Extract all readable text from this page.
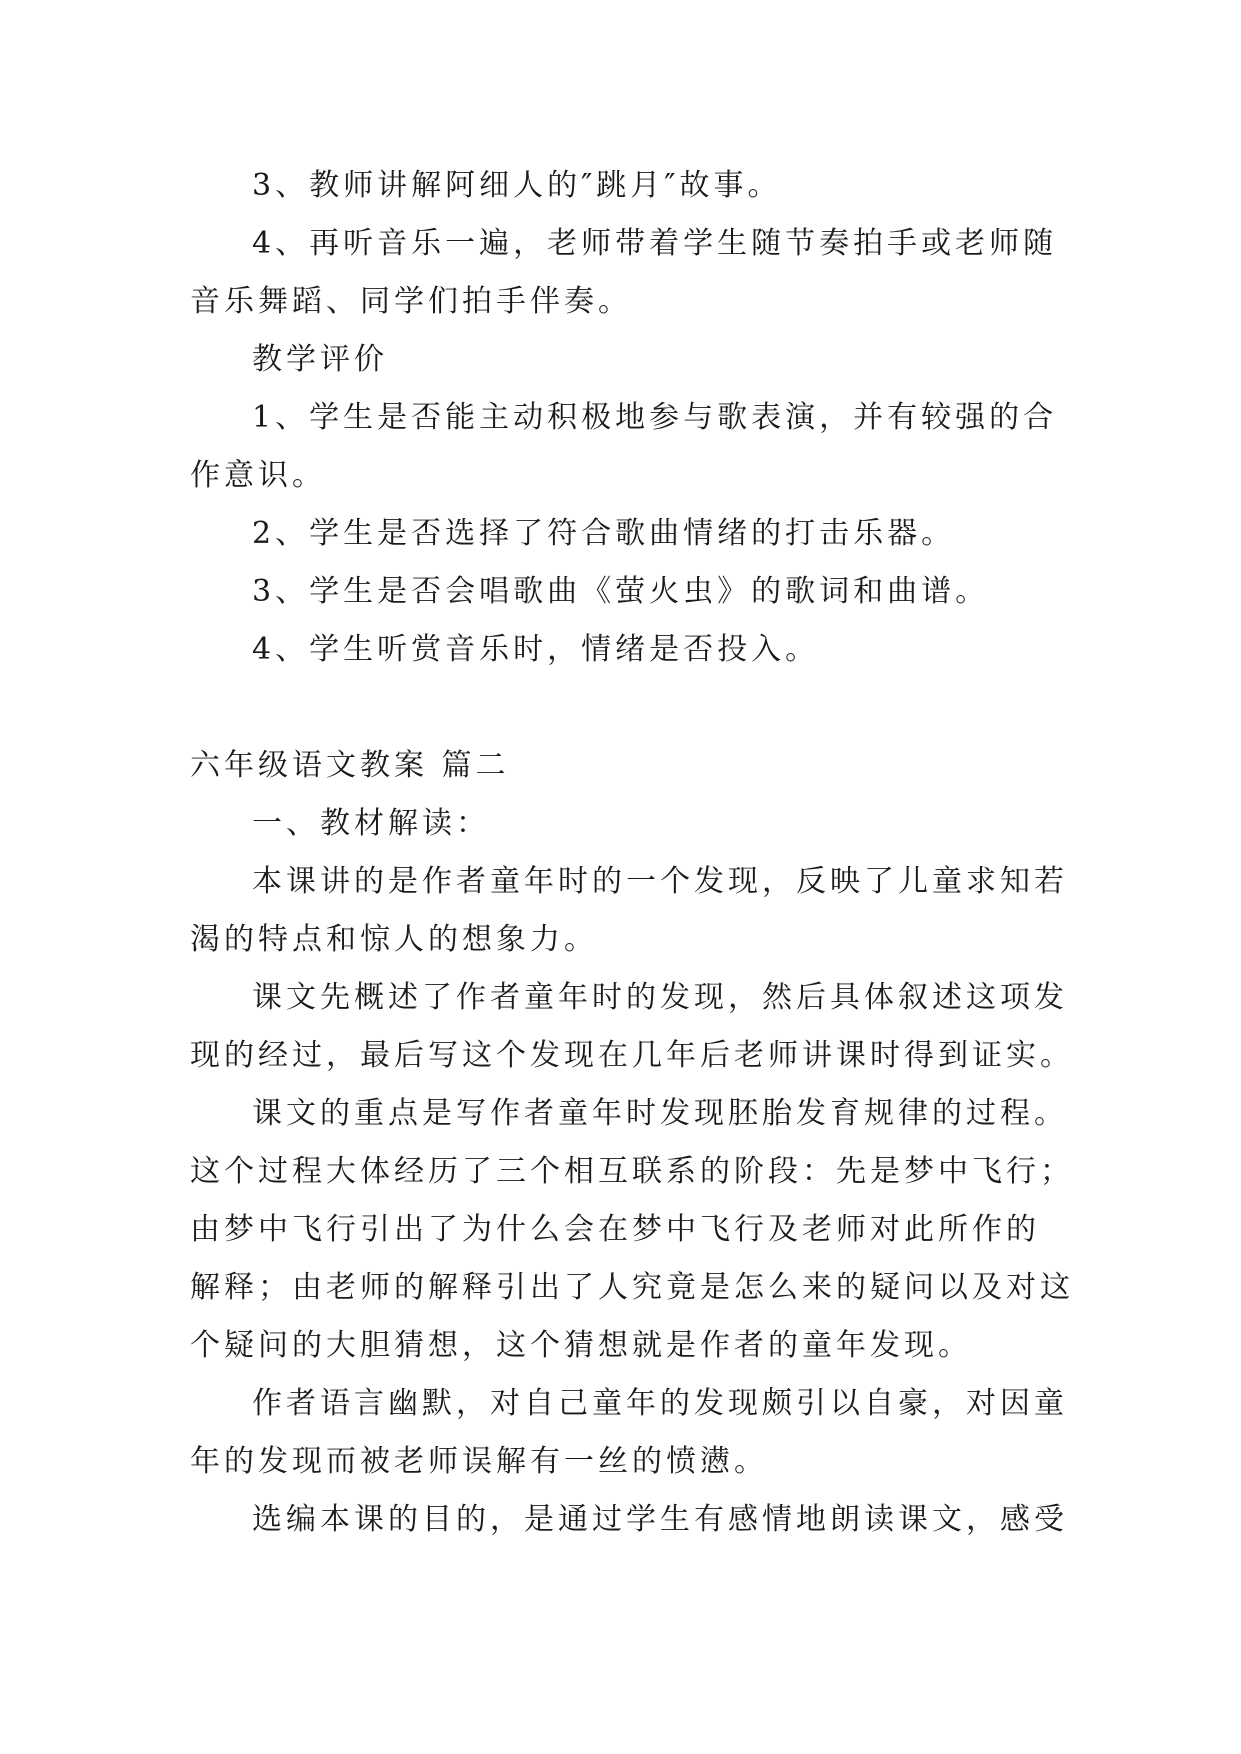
3、教师讲解阿细人的″跳月″故事。

4、再听音乐一遍，老师带着学生随节奏拍手或老师随

音乐舞蹈、同学们拍手伴奏。

教学评价

1、学生是否能主动积极地参与歌表演，并有较强的合

作意识。

2、学生是否选择了符合歌曲情绪的打击乐器。

3、学生是否会唱歌曲《萤火虫》的歌词和曲谱。

4、学生听赏音乐时，情绪是否投入。

六年级语文教案 篇二

一、教材解读：

本课讲的是作者童年时的一个发现，反映了儿童求知若

渴的特点和惊人的想象力。

课文先概述了作者童年时的发现，然后具体叙述这项发

现的经过，最后写这个发现在几年后老师讲课时得到证实。

课文的重点是写作者童年时发现胚胎发育规律的过程。

这个过程大体经历了三个相互联系的阶段：先是梦中飞行；

由梦中飞行引出了为什么会在梦中飞行及老师对此所作的

解释；由老师的解释引出了人究竟是怎么来的疑问以及对这

个疑问的大胆猜想，这个猜想就是作者的童年发现。

作者语言幽默，对自己童年的发现颇引以自豪，对因童

年的发现而被老师误解有一丝的愤懑。

选编本课的目的，是通过学生有感情地朗读课文，感受
